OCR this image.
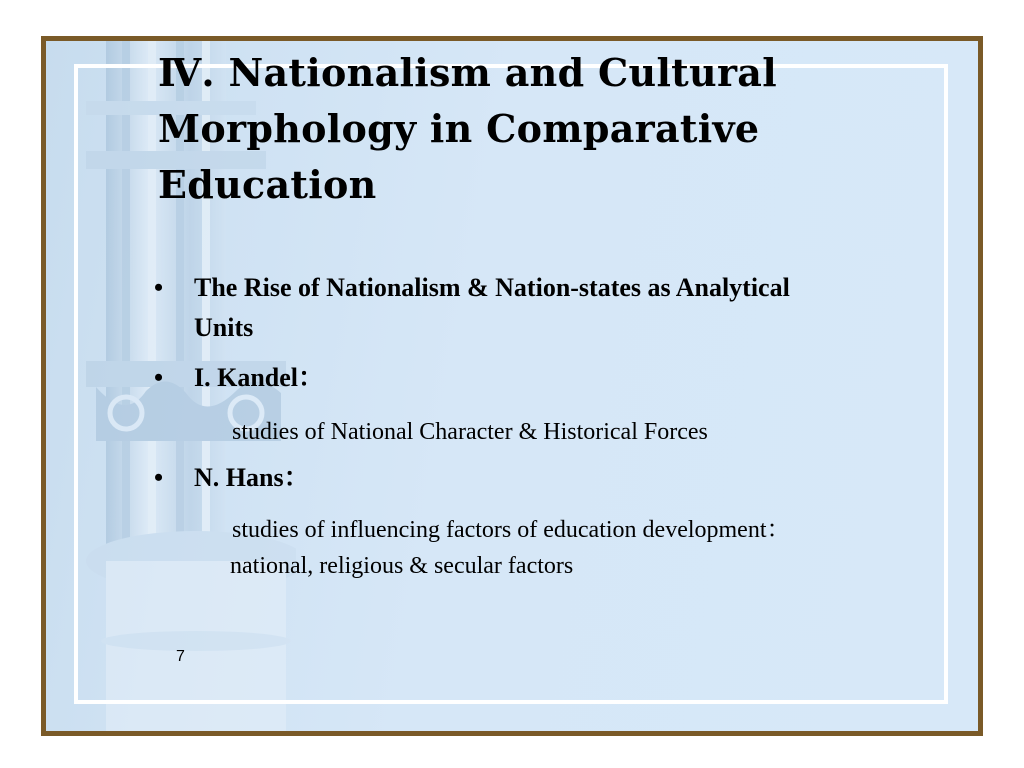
Ⅳ. Nationalism and Cultural Morphology in Comparative Education
•	The Rise of Nationalism & Nation-states as Analytical Units
•	I. Kandel：
studies of National Character & Historical Forces
•	N. Hans：
studies of influencing factors of education development：
national, religious & secular factors
7
